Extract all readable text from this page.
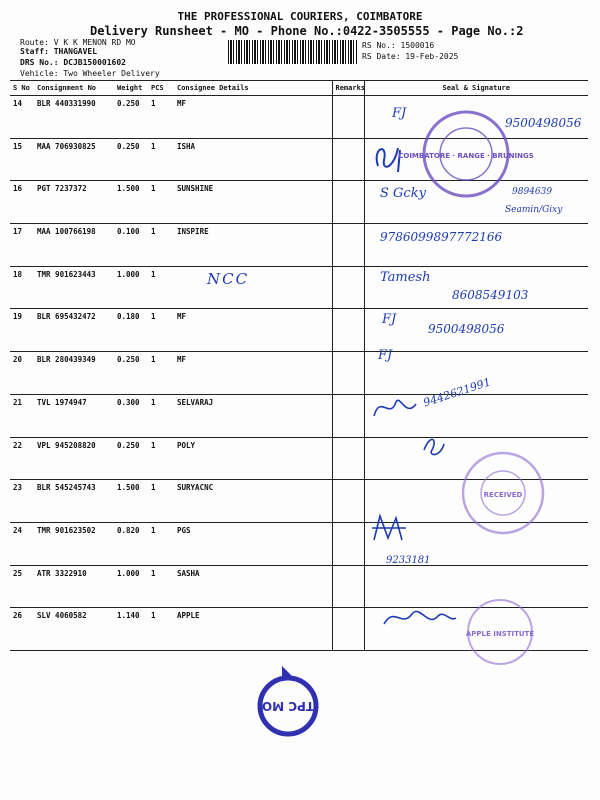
THE PROFESSIONAL COURIERS, COIMBATORE
Delivery Runsheet - MO - Phone No.:0422-3505555 - Page No.:2
Route: V K K MENON RD MO
Staff: THANGAVEL
DRS No.: DCJB150001602
Vehicle: Two Wheeler Delivery
RS No.: 1500016
RS Date: 19-Feb-2025
S No	Consignment No	Weight	PCS	Consignee Details	Remarks	Seal & Signature
14	BLR 440331990	0.250	1	MF		
15	MAA 706930825	0.250	1	ISHA		
16	PGT 7237372	1.500	1	SUNSHINE		
17	MAA 100766198	0.100	1	INSPIRE		
18	TMR 901623443	1.000	1			
19	BLR 695432472	0.180	1	MF		
20	BLR 280439349	0.250	1	MF		
21	TVL 1974947	0.300	1	SELVARAJ		
22	VPL 945208820	0.250	1	POLY		
23	BLR 545245743	1.500	1	SURYACNC		
24	TMR 901623502	0.820	1	PGS		
25	ATR 3322910	1.000	1	SASHA		
26	SLV 4060582	1.140	1	APPLE		
NCC
FJ
9500498056
S Gcky	9894639
Seamin/Gixy
9786099897772166
Tamesh
8608549103
FJ
9500498056
FJ
9442621991
9233181
COIMBATORE · RANGE · BRUNINGS
RECEIVED
APPLE INSTITUTE
TPC MO
